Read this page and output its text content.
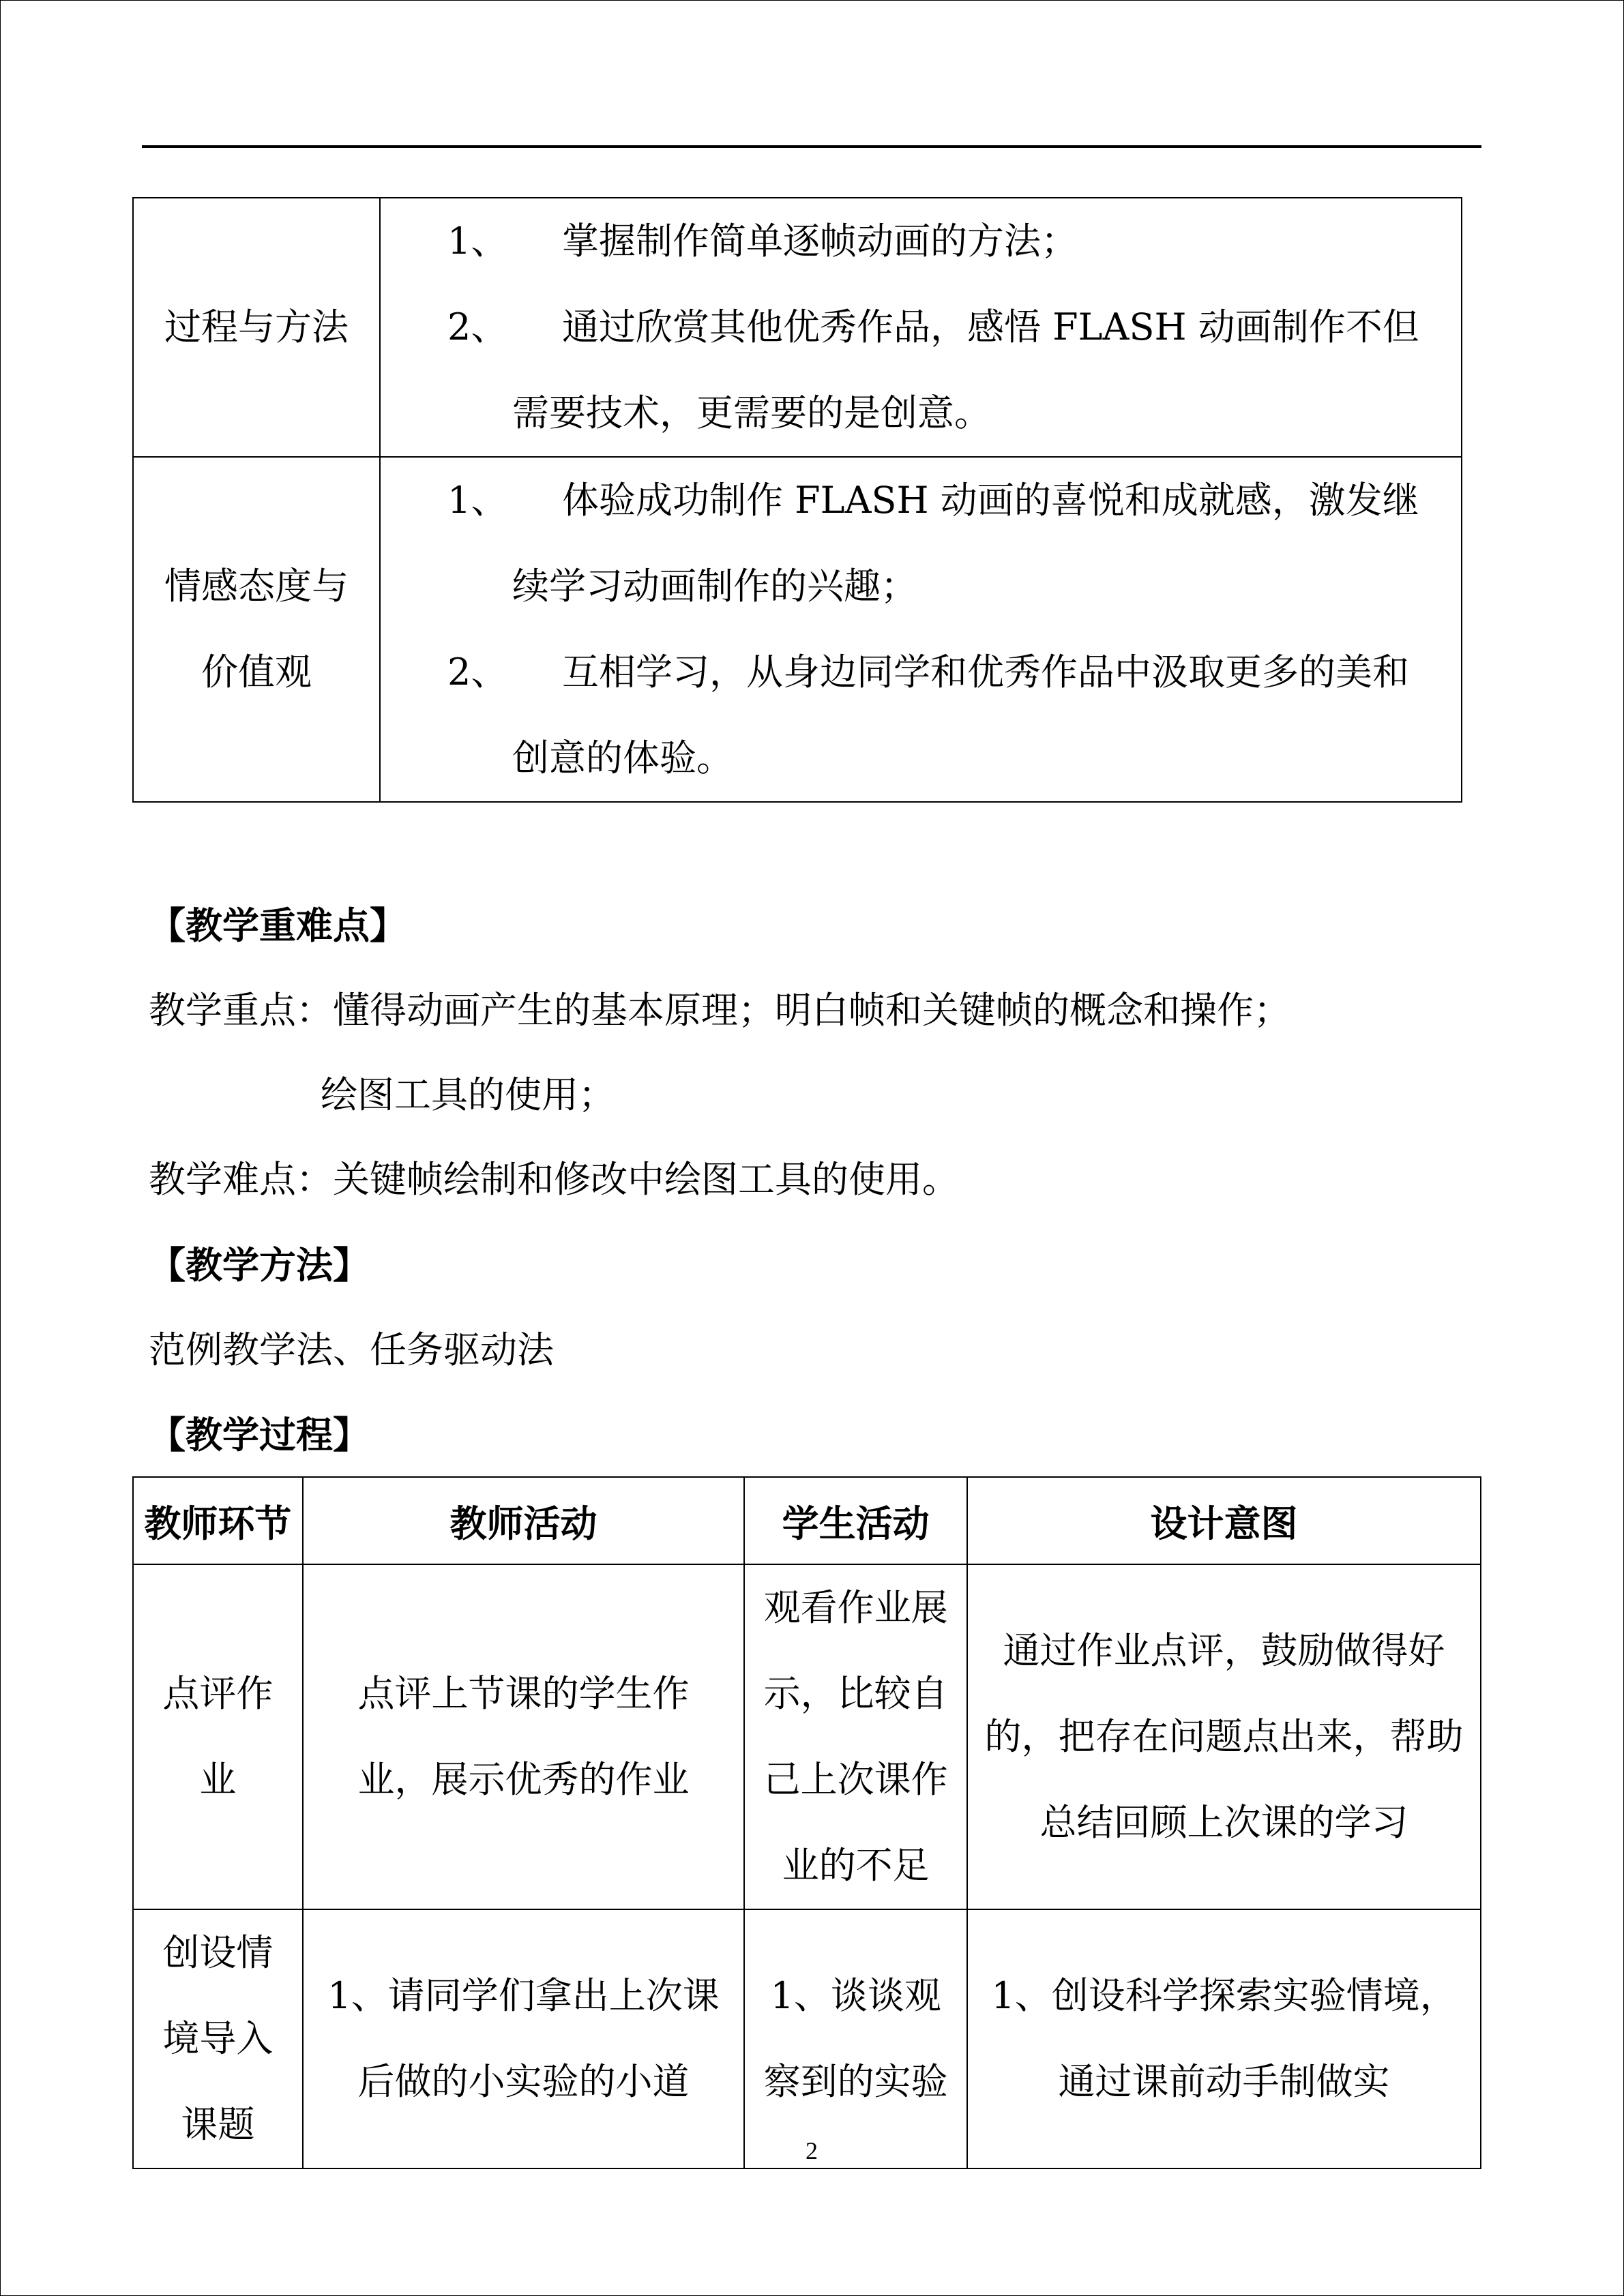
过程与方法	1、 掌握制作简单逐帧动画的方法；
2、 通过欣赏其他优秀作品，感悟 FLASH 动画制作不但需要技术，更需要的是创意。

情感态度与价值观	1、 体验成功制作 FLASH 动画的喜悦和成就感，激发继续学习动画制作的兴趣；
2、 互相学习，从身边同学和优秀作品中汲取更多的美和创意的体验。
【教学重难点】
教学重点：懂得动画产生的基本原理；明白帧和关键帧的概念和操作；
绘图工具的使用；
教学难点：关键帧绘制和修改中绘图工具的使用。
【教学方法】
范例教学法、任务驱动法
【教学过程】
教师环节	教师活动	学生活动	设计意图
点评作业	点评上节课的学生作业，展示优秀的作业	观看作业展示，比较自己上次课作业的不足	通过作业点评，鼓励做得好的，把存在问题点出来，帮助总结回顾上次课的学习
创设情境导入课题	1、请同学们拿出上次课后做的小实验的小道	1、谈谈观察到的实验	1、创设科学探索实验情境，通过课前动手制做实
2
